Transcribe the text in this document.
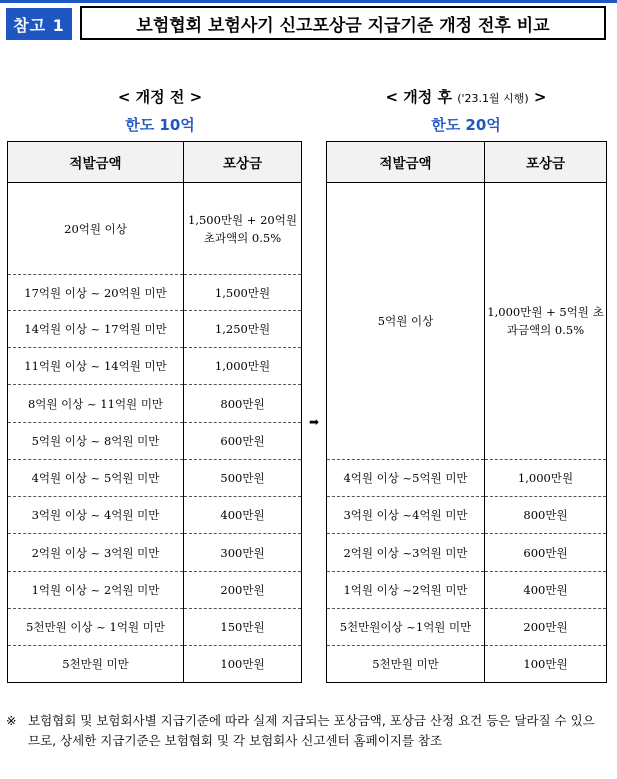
참고 1	보험협회 보험사기 신고포상금 지급기준 개정 전후 비교
< 개정 전 >
한도 10억
적발금액	포상금
20억원 이상	1,500만원 + 20억원 초과액의 0.5%
17억원 이상 ~ 20억원 미만	1,500만원
14억원 이상 ~ 17억원 미만	1,250만원
11억원 이상 ~ 14억원 미만	1,000만원
8억원 이상 ~ 11억원 미만	800만원
5억원 이상 ~ 8억원 미만	600만원
4억원 이상 ~ 5억원 미만	500만원
3억원 이상 ~ 4억원 미만	400만원
2억원 이상 ~ 3억원 미만	300만원
1억원 이상 ~ 2억원 미만	200만원
5천만원 이상 ~ 1억원 미만	150만원
5천만원 미만	100만원
➡
< 개정 후 ('23.1월 시행) >
한도 20억
적발금액	포상금
5억원 이상	1,000만원 + 5억원 초과금액의 0.5%
4억원 이상 ~5억원 미만	1,000만원
3억원 이상 ~4억원 미만	800만원
2억원 이상 ~3억원 미만	600만원
1억원 이상 ~2억원 미만	400만원
5천만원이상 ~1억원 미만	200만원
5천만원 미만	100만원
※ 보험협회 및 보험회사별 지급기준에 따라 실제 지급되는 포상금액, 포상금 산정 요건 등은 달라질 수 있으므로, 상세한 지급기준은 보험협회 및 각 보험회사 신고센터 홈페이지를 참조
